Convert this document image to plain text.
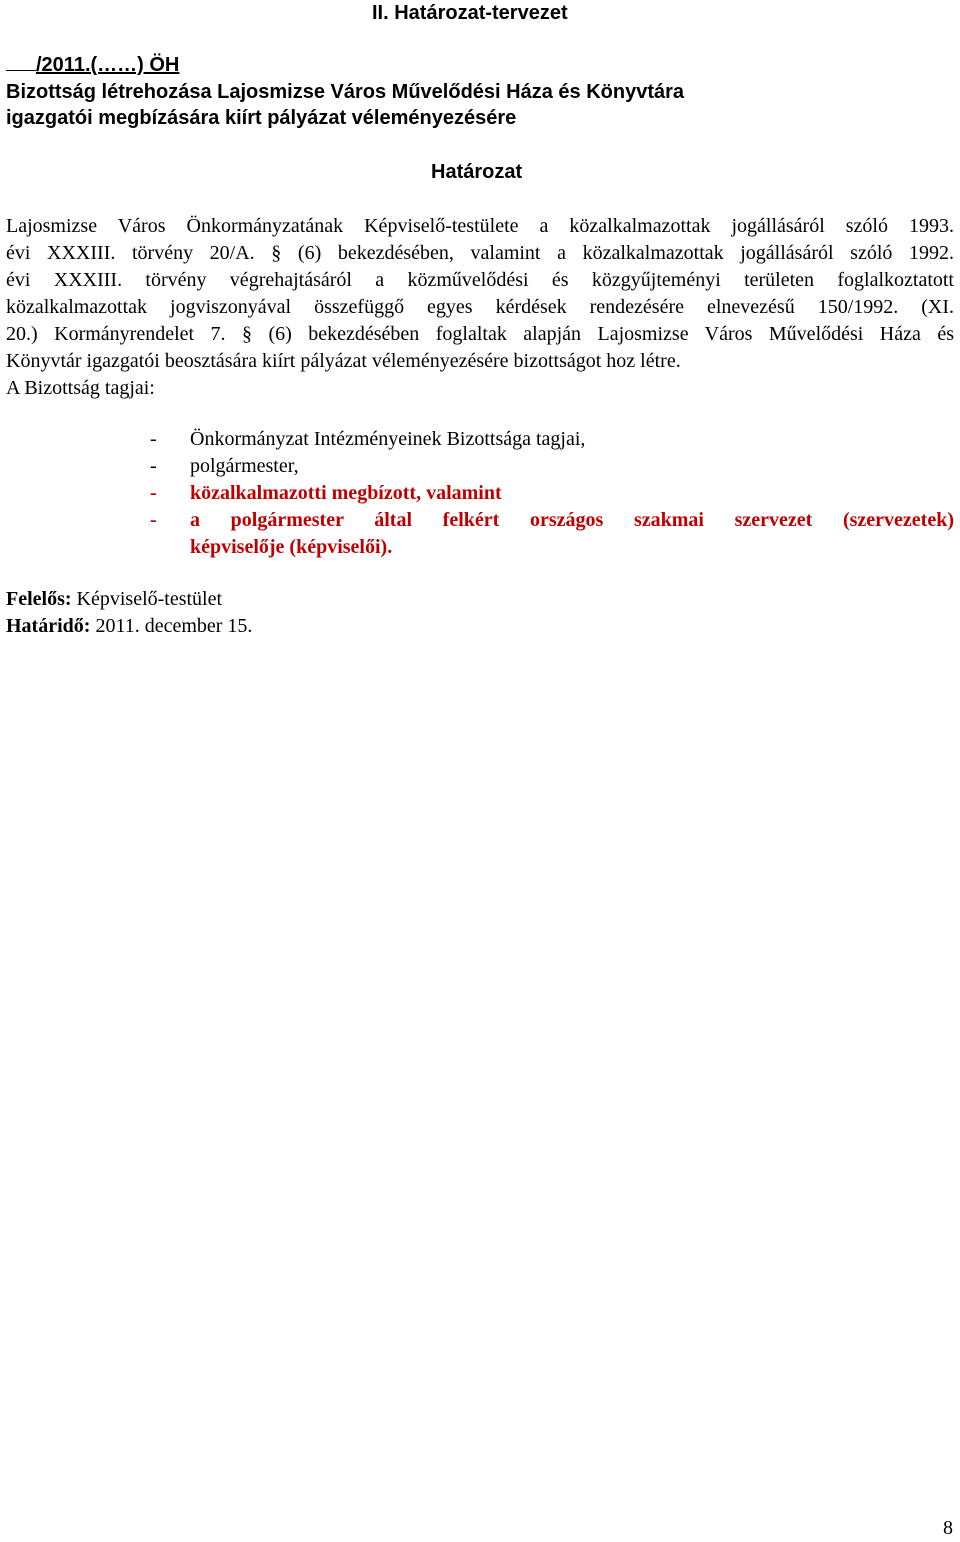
II. Határozat-tervezet
/2011.(……) ÖH
Bizottság létrehozása Lajosmizse Város Művelődési Háza és Könyvtára
igazgatói megbízására kiírt pályázat véleményezésére
Határozat
Lajosmizse Város Önkormányzatának Képviselő-testülete a közalkalmazottak jogállásáról szóló 1993.
évi XXXIII. törvény 20/A. § (6) bekezdésében, valamint a közalkalmazottak jogállásáról szóló 1992.
évi XXXIII. törvény végrehajtásáról a közművelődési és közgyűjteményi területen foglalkoztatott
közalkalmazottak jogviszonyával összefüggő egyes kérdések rendezésére elnevezésű 150/1992. (XI.
20.) Kormányrendelet 7. § (6) bekezdésében foglaltak alapján Lajosmizse Város Művelődési Háza és
Könyvtár igazgatói beosztására kiírt pályázat véleményezésére bizottságot hoz létre.
A Bizottság tagjai:
-	Önkormányzat Intézményeinek Bizottsága tagjai,
-	polgármester,
-	közalkalmazotti megbízott, valamint
-	a polgármester által felkért országos szakmai szervezet (szervezetek)
képviselője (képviselői).
Felelős: Képviselő-testület
Határidő: 2011. december 15.
8
